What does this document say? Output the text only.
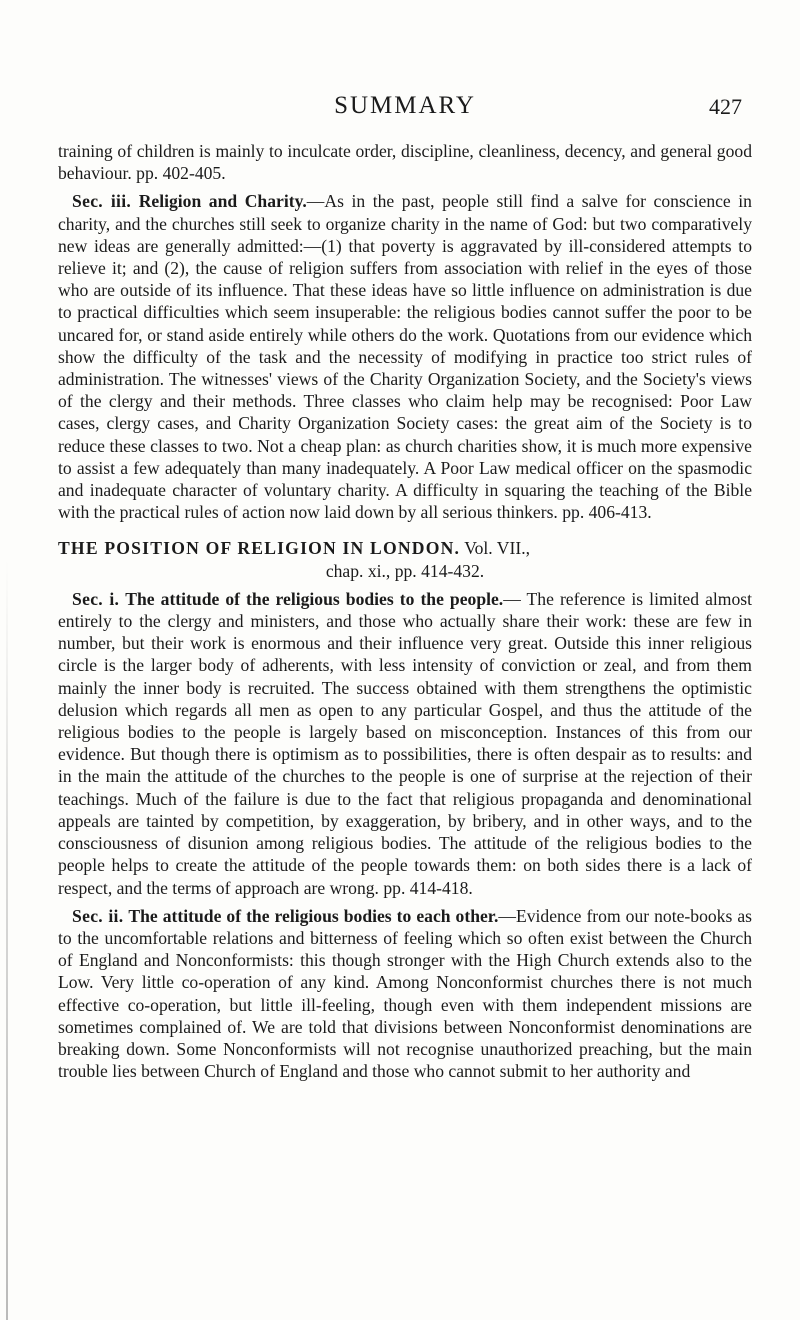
SUMMARY	427

training of children is mainly to inculcate order, discipline, cleanliness, decency, and general good behaviour. pp. 402-405.

Sec. iii. Religion and Charity.—As in the past, people still find a salve for conscience in charity, and the churches still seek to organize charity in the name of God: but two comparatively new ideas are generally admitted:—(1) that poverty is aggravated by ill-considered attempts to relieve it; and (2), the cause of religion suffers from association with relief in the eyes of those who are outside of its influence. That these ideas have so little influence on administration is due to practical difficulties which seem insuperable: the religious bodies cannot suffer the poor to be uncared for, or stand aside entirely while others do the work. Quotations from our evidence which show the difficulty of the task and the necessity of modifying in practice too strict rules of administration. The witnesses' views of the Charity Organization Society, and the Society's views of the clergy and their methods. Three classes who claim help may be recognised: Poor Law cases, clergy cases, and Charity Organization Society cases: the great aim of the Society is to reduce these classes to two. Not a cheap plan: as church charities show, it is much more expensive to assist a few adequately than many inadequately. A Poor Law medical officer on the spasmodic and inadequate character of voluntary charity. A difficulty in squaring the teaching of the Bible with the practical rules of action now laid down by all serious thinkers. pp. 406-413.

THE POSITION OF RELIGION IN LONDON. Vol. VII.,
chap. xi., pp. 414-432.

Sec. i. The attitude of the religious bodies to the people.— The reference is limited almost entirely to the clergy and ministers, and those who actually share their work: these are few in number, but their work is enormous and their influence very great. Outside this inner religious circle is the larger body of adherents, with less intensity of conviction or zeal, and from them mainly the inner body is recruited. The success obtained with them strengthens the optimistic delusion which regards all men as open to any particular Gospel, and thus the attitude of the religious bodies to the people is largely based on misconception. Instances of this from our evidence. But though there is optimism as to possibilities, there is often despair as to results: and in the main the attitude of the churches to the people is one of surprise at the rejection of their teachings. Much of the failure is due to the fact that religious propaganda and denominational appeals are tainted by competition, by exaggeration, by bribery, and in other ways, and to the consciousness of disunion among religious bodies. The attitude of the religious bodies to the people helps to create the attitude of the people towards them: on both sides there is a lack of respect, and the terms of approach are wrong. pp. 414-418.

Sec. ii. The attitude of the religious bodies to each other.—Evidence from our note-books as to the uncomfortable relations and bitterness of feeling which so often exist between the Church of England and Nonconformists: this though stronger with the High Church extends also to the Low. Very little co-operation of any kind. Among Nonconformist churches there is not much effective co-operation, but little ill-feeling, though even with them independent missions are sometimes complained of. We are told that divisions between Nonconformist denominations are breaking down. Some Nonconformists will not recognise unauthorized preaching, but the main trouble lies between Church of England and those who cannot submit to her authority and
